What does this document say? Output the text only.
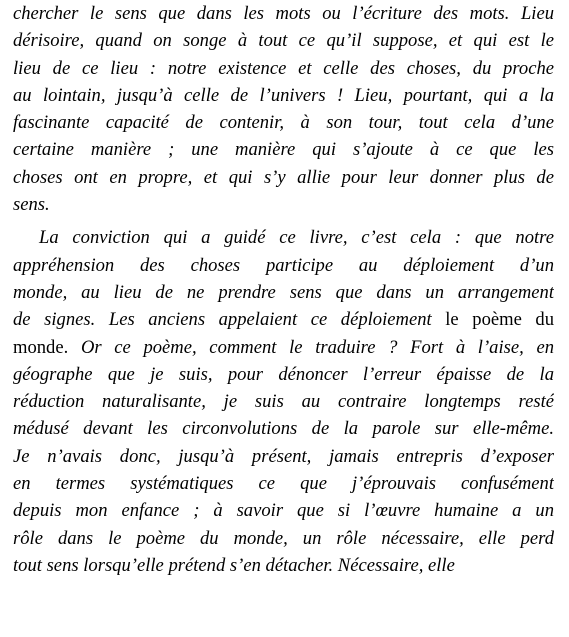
chercher le sens que dans les mots ou l’écriture des mots. Lieu
dérisoire, quand on songe à tout ce qu’il suppose, et qui est le
lieu de ce lieu : notre existence et celle des choses, du proche
au lointain, jusqu’à celle de l’univers ! Lieu, pourtant, qui a la
fascinante capacité de contenir, à son tour, tout cela d’une
certaine manière ; une manière qui s’ajoute à ce que les
choses ont en propre, et qui s’y allie pour leur donner plus de
sens.
La conviction qui a guidé ce livre, c’est cela : que notre
appréhension des choses participe au déploiement d’un
monde, au lieu de ne prendre sens que dans un arrangement
de signes. Les anciens appelaient ce déploiement le poème du
monde. Or ce poème, comment le traduire ? Fort à l’aise, en
géographe que je suis, pour dénoncer l’erreur épaisse de la
réduction naturalisante, je suis au contraire longtemps resté
médusé devant les circonvolutions de la parole sur elle-même.
Je n’avais donc, jusqu’à présent, jamais entrepris d’exposer
en termes systématiques ce que j’éprouvais confusément
depuis mon enfance ; à savoir que si l’œuvre humaine a un
rôle dans le poème du monde, un rôle nécessaire, elle perd
tout sens lorsqu’elle prétend s’en détacher. Nécessaire, elle
